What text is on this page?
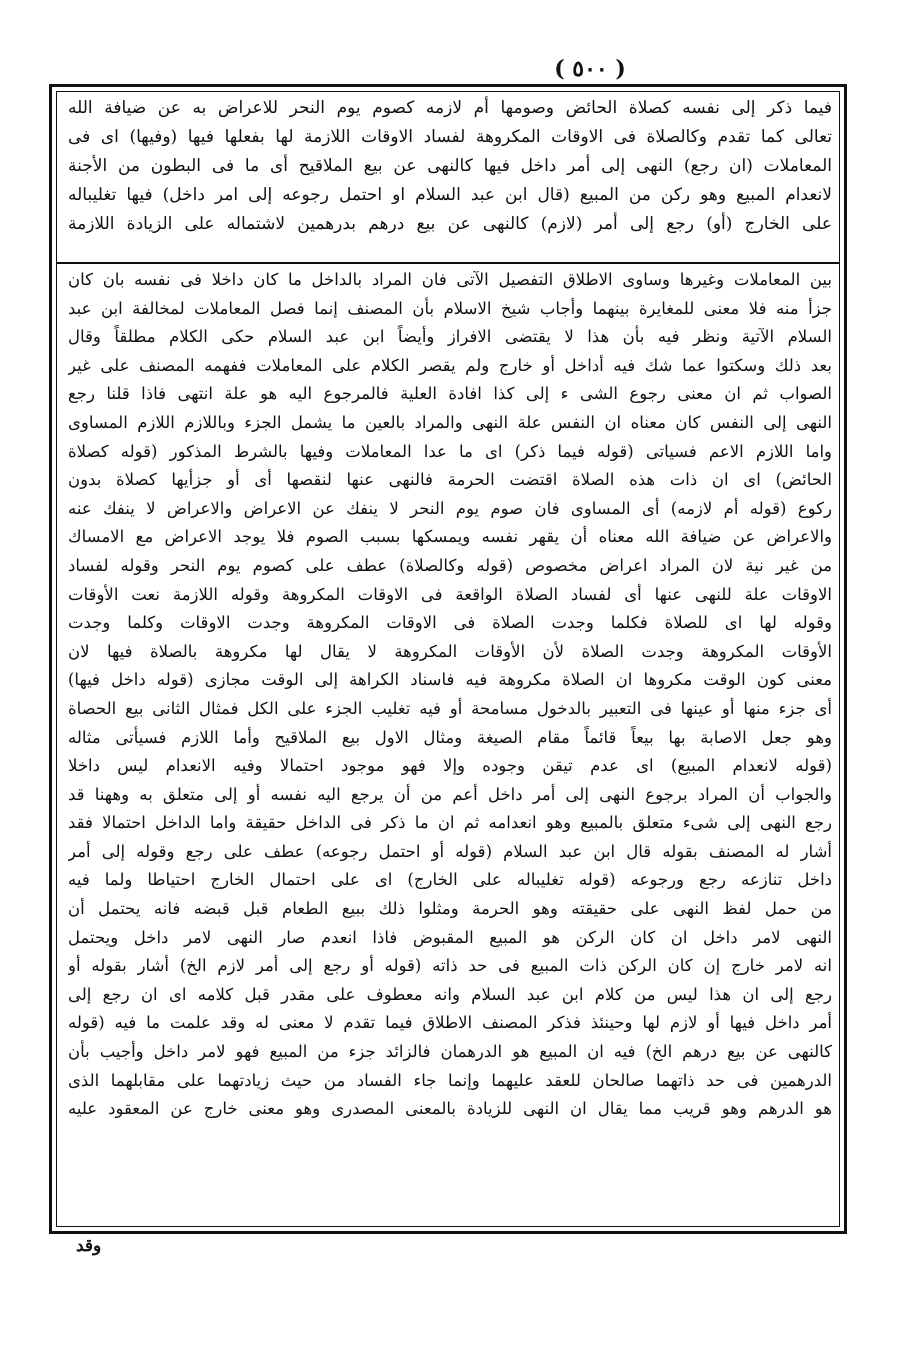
( ٥٠٠ )
فيما ذكر إلى نفسه كصلاة الحائض وصومها أم لازمه كصوم يوم النحر للاعراض به عن ضيافة الله
تعالى كما تقدم وكالصلاة فى الاوقات المكروهة لفساد الاوقات اللازمة لها بفعلها فيها (وفيها) اى فى
المعاملات (ان رجع) النهى إلى أمر داخل فيها كالنهى عن بيع الملاقيح أى ما فى البطون من الأجنة
لانعدام المبيع وهو ركن من المبيع (قال ابن عبد السلام او احتمل رجوعه إلى امر داخل) فيها تغليباله
على الخارج (أو) رجع إلى أمر (لازم) كالنهى عن بيع درهم بدرهمين لاشتماله على الزيادة اللازمة
بين المعاملات وغيرها وساوى الاطلاق التفصيل الآتى فان المراد بالداخل ما كان داخلا فى نفسه بان كان
جزأ منه فلا معنى للمغايرة بينهما وأجاب شيخ الاسلام بأن المصنف إنما فصل المعاملات لمخالفة ابن عبد
السلام الآتية ونظر فيه بأن هذا لا يقتضى الافراز وأيضاً ابن عبد السلام حكى الكلام مطلقاً وقال
بعد ذلك وسكتوا عما شك فيه أداخل أو خارج ولم يقصر الكلام على المعاملات ففهمه المصنف على غير
الصواب ثم ان معنى رجوع الشى ء إلى كذا افادة العلية فالمرجوع اليه هو علة انتهى فاذا قلنا رجع
النهى إلى النفس كان معناه ان النفس علة النهى والمراد بالعين ما يشمل الجزء وباللازم اللازم المساوى
واما اللازم الاعم فسياتى (قوله فيما ذكر) اى ما عدا المعاملات وفيها بالشرط المذكور (قوله كصلاة
الحائض) اى ان ذات هذه الصلاة اقتضت الحرمة فالنهى عنها لنقصها أى أو جزأيها كصلاة بدون
ركوع (قوله أم لازمه) أى المساوى فان صوم يوم النحر لا ينفك عن الاعراض والاعراض لا ينفك عنه
والاعراض عن ضيافة الله معناه أن يقهر نفسه ويمسكها بسبب الصوم فلا يوجد الاعراض مع الامساك
من غير نية لان المراد اعراض مخصوص (قوله وكالصلاة) عطف على كصوم يوم النحر وقوله لفساد
الاوقات علة للنهى عنها أى لفساد الصلاة الواقعة فى الاوقات المكروهة وقوله اللازمة نعت الأوقات
وقوله لها اى للصلاة فكلما وجدت الصلاة فى الاوقات المكروهة وجدت الاوقات وكلما وجدت
الأوقات المكروهة وجدت الصلاة لأن الأوقات المكروهة لا يقال لها مكروهة بالصلاة فيها لان
معنى كون الوقت مكروها ان الصلاة مكروهة فيه فاسناد الكراهة إلى الوقت مجازى (قوله داخل فيها)
أى جزء منها أو عينها فى التعبير بالدخول مسامحة أو فيه تغليب الجزء على الكل فمثال الثانى بيع الحصاة
وهو جعل الاصابة بها بيعاً قائماً مقام الصيغة ومثال الاول بيع الملاقيح وأما اللازم فسيأتى مثاله
(قوله لانعدام المبيع) اى عدم تيقن وجوده وإلا فهو موجود احتمالا وفيه الانعدام ليس داخلا
والجواب أن المراد برجوع النهى إلى أمر داخل أعم من أن يرجع اليه نفسه أو إلى متعلق به وههنا قد
رجع النهى إلى شىء متعلق بالمبيع وهو انعدامه ثم ان ما ذكر فى الداخل حقيقة واما الداخل احتمالا فقد
أشار له المصنف بقوله قال ابن عبد السلام (قوله أو احتمل رجوعه) عطف على رجع وقوله إلى أمر
داخل تنازعه رجع ورجوعه (قوله تغليباله على الخارج) اى على احتمال الخارج احتياطا ولما فيه
من حمل لفظ النهى على حقيقته وهو الحرمة ومثلوا ذلك ببيع الطعام قبل قبضه فانه يحتمل أن
النهى لامر داخل ان كان الركن هو المبيع المقبوض فاذا انعدم صار النهى لامر داخل ويحتمل
انه لامر خارج إن كان الركن ذات المبيع فى حد ذاته (قوله أو رجع إلى أمر لازم الخ) أشار بقوله أو
رجع إلى ان هذا ليس من كلام ابن عبد السلام وانه معطوف على مقدر قبل كلامه اى ان رجع إلى
أمر داخل فيها أو لازم لها وحينئذ فذكر المصنف الاطلاق فيما تقدم لا معنى له وقد علمت ما فيه (قوله
كالنهى عن بيع درهم الخ) فيه ان المبيع هو الدرهمان فالزائد جزء من المبيع فهو لامر داخل وأجيب بأن
الدرهمين فى حد ذاتهما صالحان للعقد عليهما وإنما جاء الفساد من حيث زيادتهما على مقابلهما الذى
هو الدرهم وهو قريب مما يقال ان النهى للزيادة بالمعنى المصدرى وهو معنى خارج عن المعقود عليه
وقد
